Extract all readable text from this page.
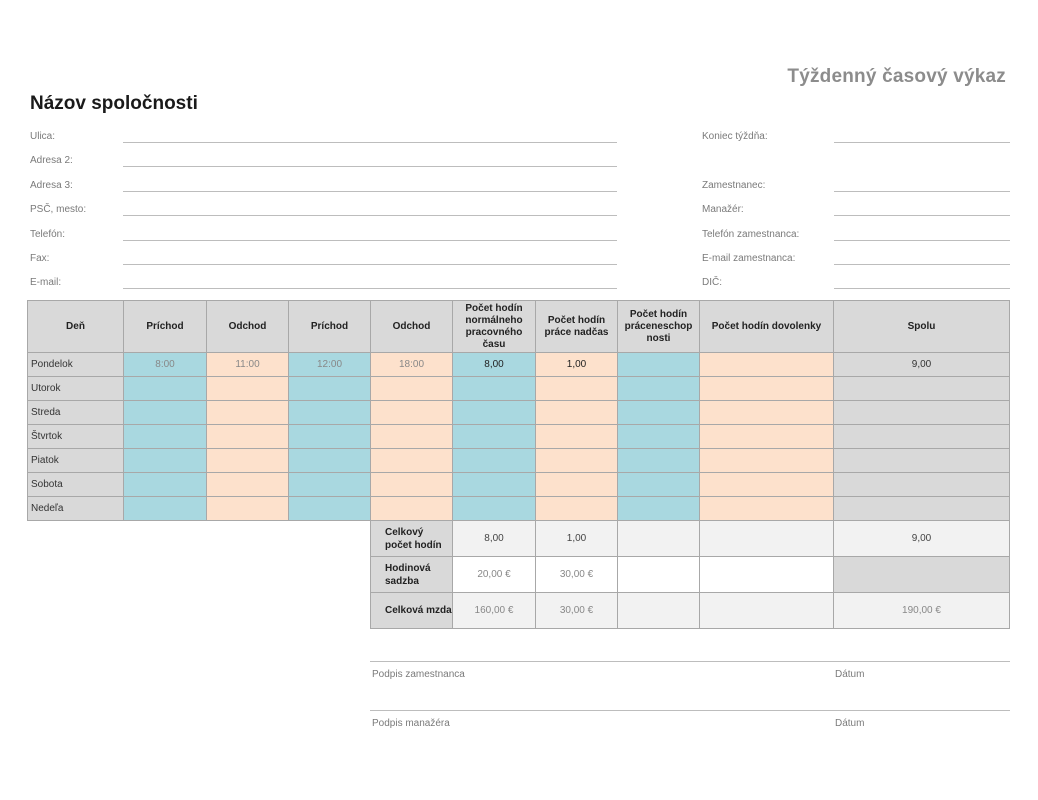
Týždenný časový výkaz
Názov spoločnosti
Ulica:
Adresa 2:
Adresa 3:
PSČ, mesto:
Telefón:
Fax:
E-mail:
Koniec týždňa:
Zamestnanec:
Manažér:
Telefón zamestnanca:
E-mail zamestnanca:
DIČ:
Deň	Príchod	Odchod	Príchod	Odchod	Počet hodín normálneho pracovného času	Počet hodín práce nadčas	Počet hodín práceneschop nosti	Počet hodín dovolenky	Spolu
Pondelok	8:00	11:00	12:00	18:00	8,00	1,00			9,00
Utorok									
Streda									
Štvrtok									
Piatok									
Sobota									
Nedeľa									
				Celkový počet hodín	8,00	1,00			9,00
				Hodinová sadzba	20,00 €	30,00 €			
				Celková mzda	160,00 €	30,00 €			190,00 €
Podpis zamestnanca	Dátum
Podpis manažéra	Dátum
